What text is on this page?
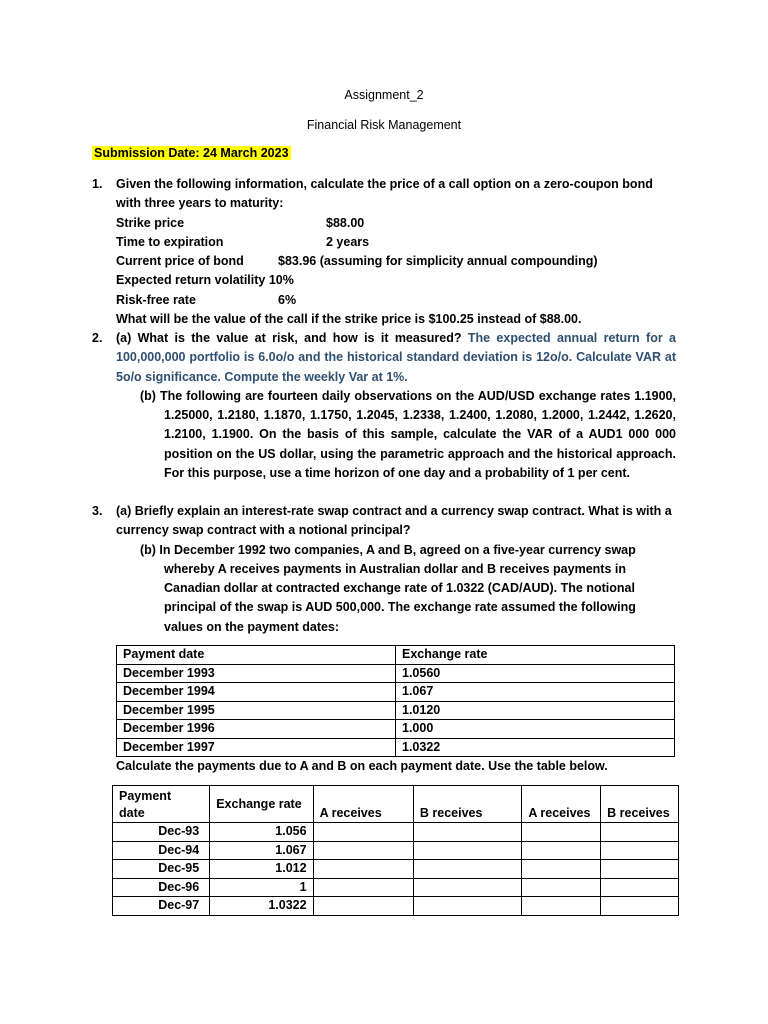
Assignment_2
Financial Risk Management
Submission Date: 24 March 2023
1.	Given the following information, calculate the price of a call option on a zero-coupon bond with three years to maturity:
Strike price	$88.00
Time to expiration	2 years
Current price of bond	$83.96 (assuming for simplicity annual compounding)
Expected return volatility 10%
Risk-free rate	6%
What will be the value of the call if the strike price is $100.25 instead of $88.00.
2.	(a) What is the value at risk, and how is it measured? The expected annual return for a 100,000,000 portfolio is 6.0o/o and the historical standard deviation is 12o/o. Calculate VAR at 5o/o significance. Compute the weekly Var at 1%.
(b) The following are fourteen daily observations on the AUD/USD exchange rates 1.1900, 1.25000, 1.2180, 1.1870, 1.1750, 1.2045, 1.2338, 1.2400, 1.2080, 1.2000, 1.2442, 1.2620, 1.2100, 1.1900. On the basis of this sample, calculate the VAR of a AUD1 000 000 position on the US dollar, using the parametric approach and the historical approach. For this purpose, use a time horizon of one day and a probability of 1 per cent.
3.	(a) Briefly explain an interest-rate swap contract and a currency swap contract. What is with a currency swap contract with a notional principal?
(b) In December 1992 two companies, A and B, agreed on a five-year currency swap whereby A receives payments in Australian dollar and B receives payments in Canadian dollar at contracted exchange rate of 1.0322 (CAD/AUD). The notional principal of the swap is AUD 500,000. The exchange rate assumed the following values on the payment dates:
Payment date	Exchange rate
December 1993	1.0560
December 1994	1.067
December 1995	1.0120
December 1996	1.000
December 1997	1.0322
Calculate the payments due to A and B on each payment date. Use the table below.
Payment date	Exchange rate	A receives	B receives	A receives	B receives
Dec-93	1.056				
Dec-94	1.067				
Dec-95	1.012				
Dec-96	1				
Dec-97	1.0322				
